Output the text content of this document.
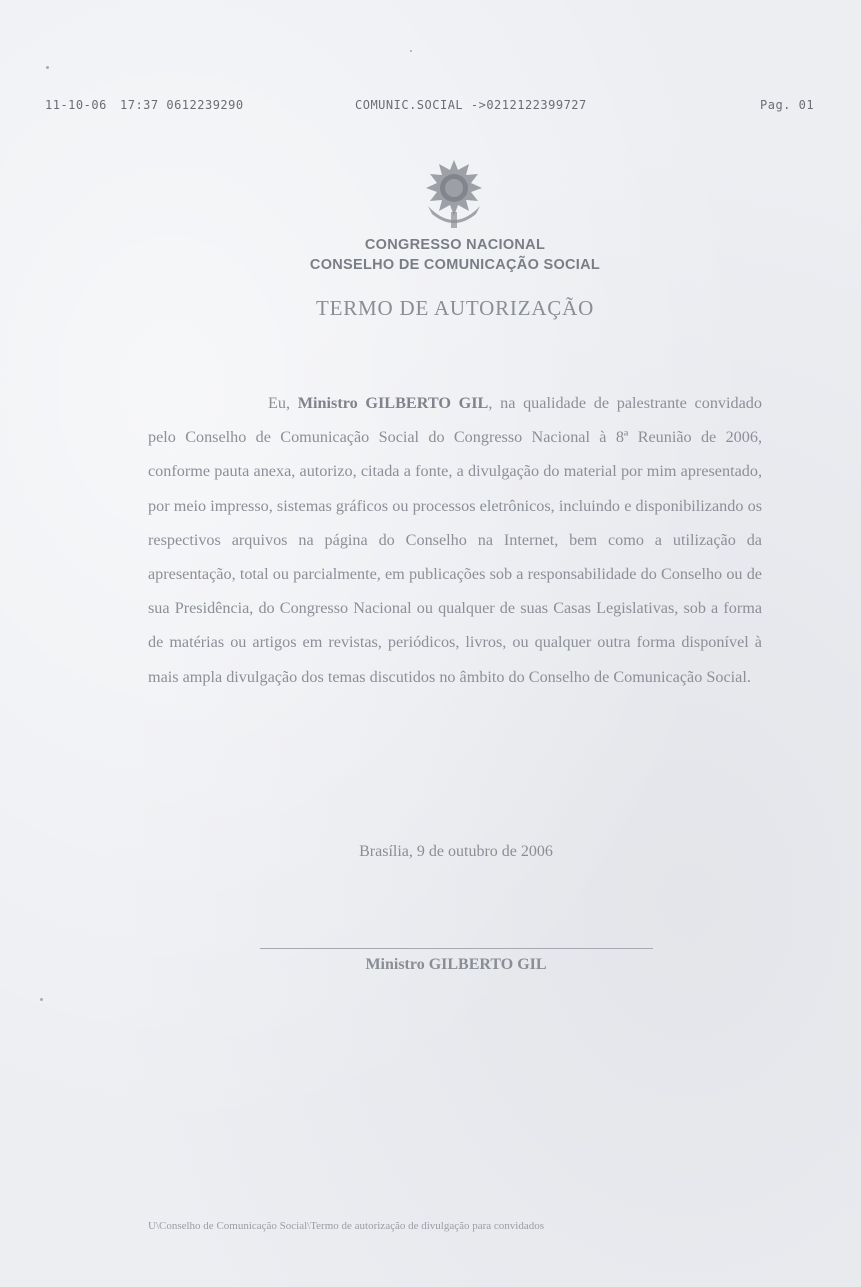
11-10-06 17:37 0612239290	COMUNIC.SOCIAL ->0212122399727	Pag. 01
CONGRESSO NACIONAL
CONSELHO DE COMUNICAÇÃO SOCIAL
TERMO DE AUTORIZAÇÃO

Eu, Ministro GILBERTO GIL, na qualidade de palestrante convidado pelo Conselho de Comunicação Social do Congresso Nacional à 8ª Reunião de 2006, conforme pauta anexa, autorizo, citada a fonte, a divulgação do material por mim apresentado, por meio impresso, sistemas gráficos ou processos eletrônicos, incluindo e disponibilizando os respectivos arquivos na página do Conselho na Internet, bem como a utilização da apresentação, total ou parcialmente, em publicações sob a responsabilidade do Conselho ou de sua Presidência, do Congresso Nacional ou qualquer de suas Casas Legislativas, sob a forma de matérias ou artigos em revistas, periódicos, livros, ou qualquer outra forma disponível à mais ampla divulgação dos temas discutidos no âmbito do Conselho de Comunicação Social.

Brasília, 9 de outubro de 2006
Ministro GILBERTO GIL
U\Conselho de Comunicação Social\Termo de autorização de divulgação para convidados
